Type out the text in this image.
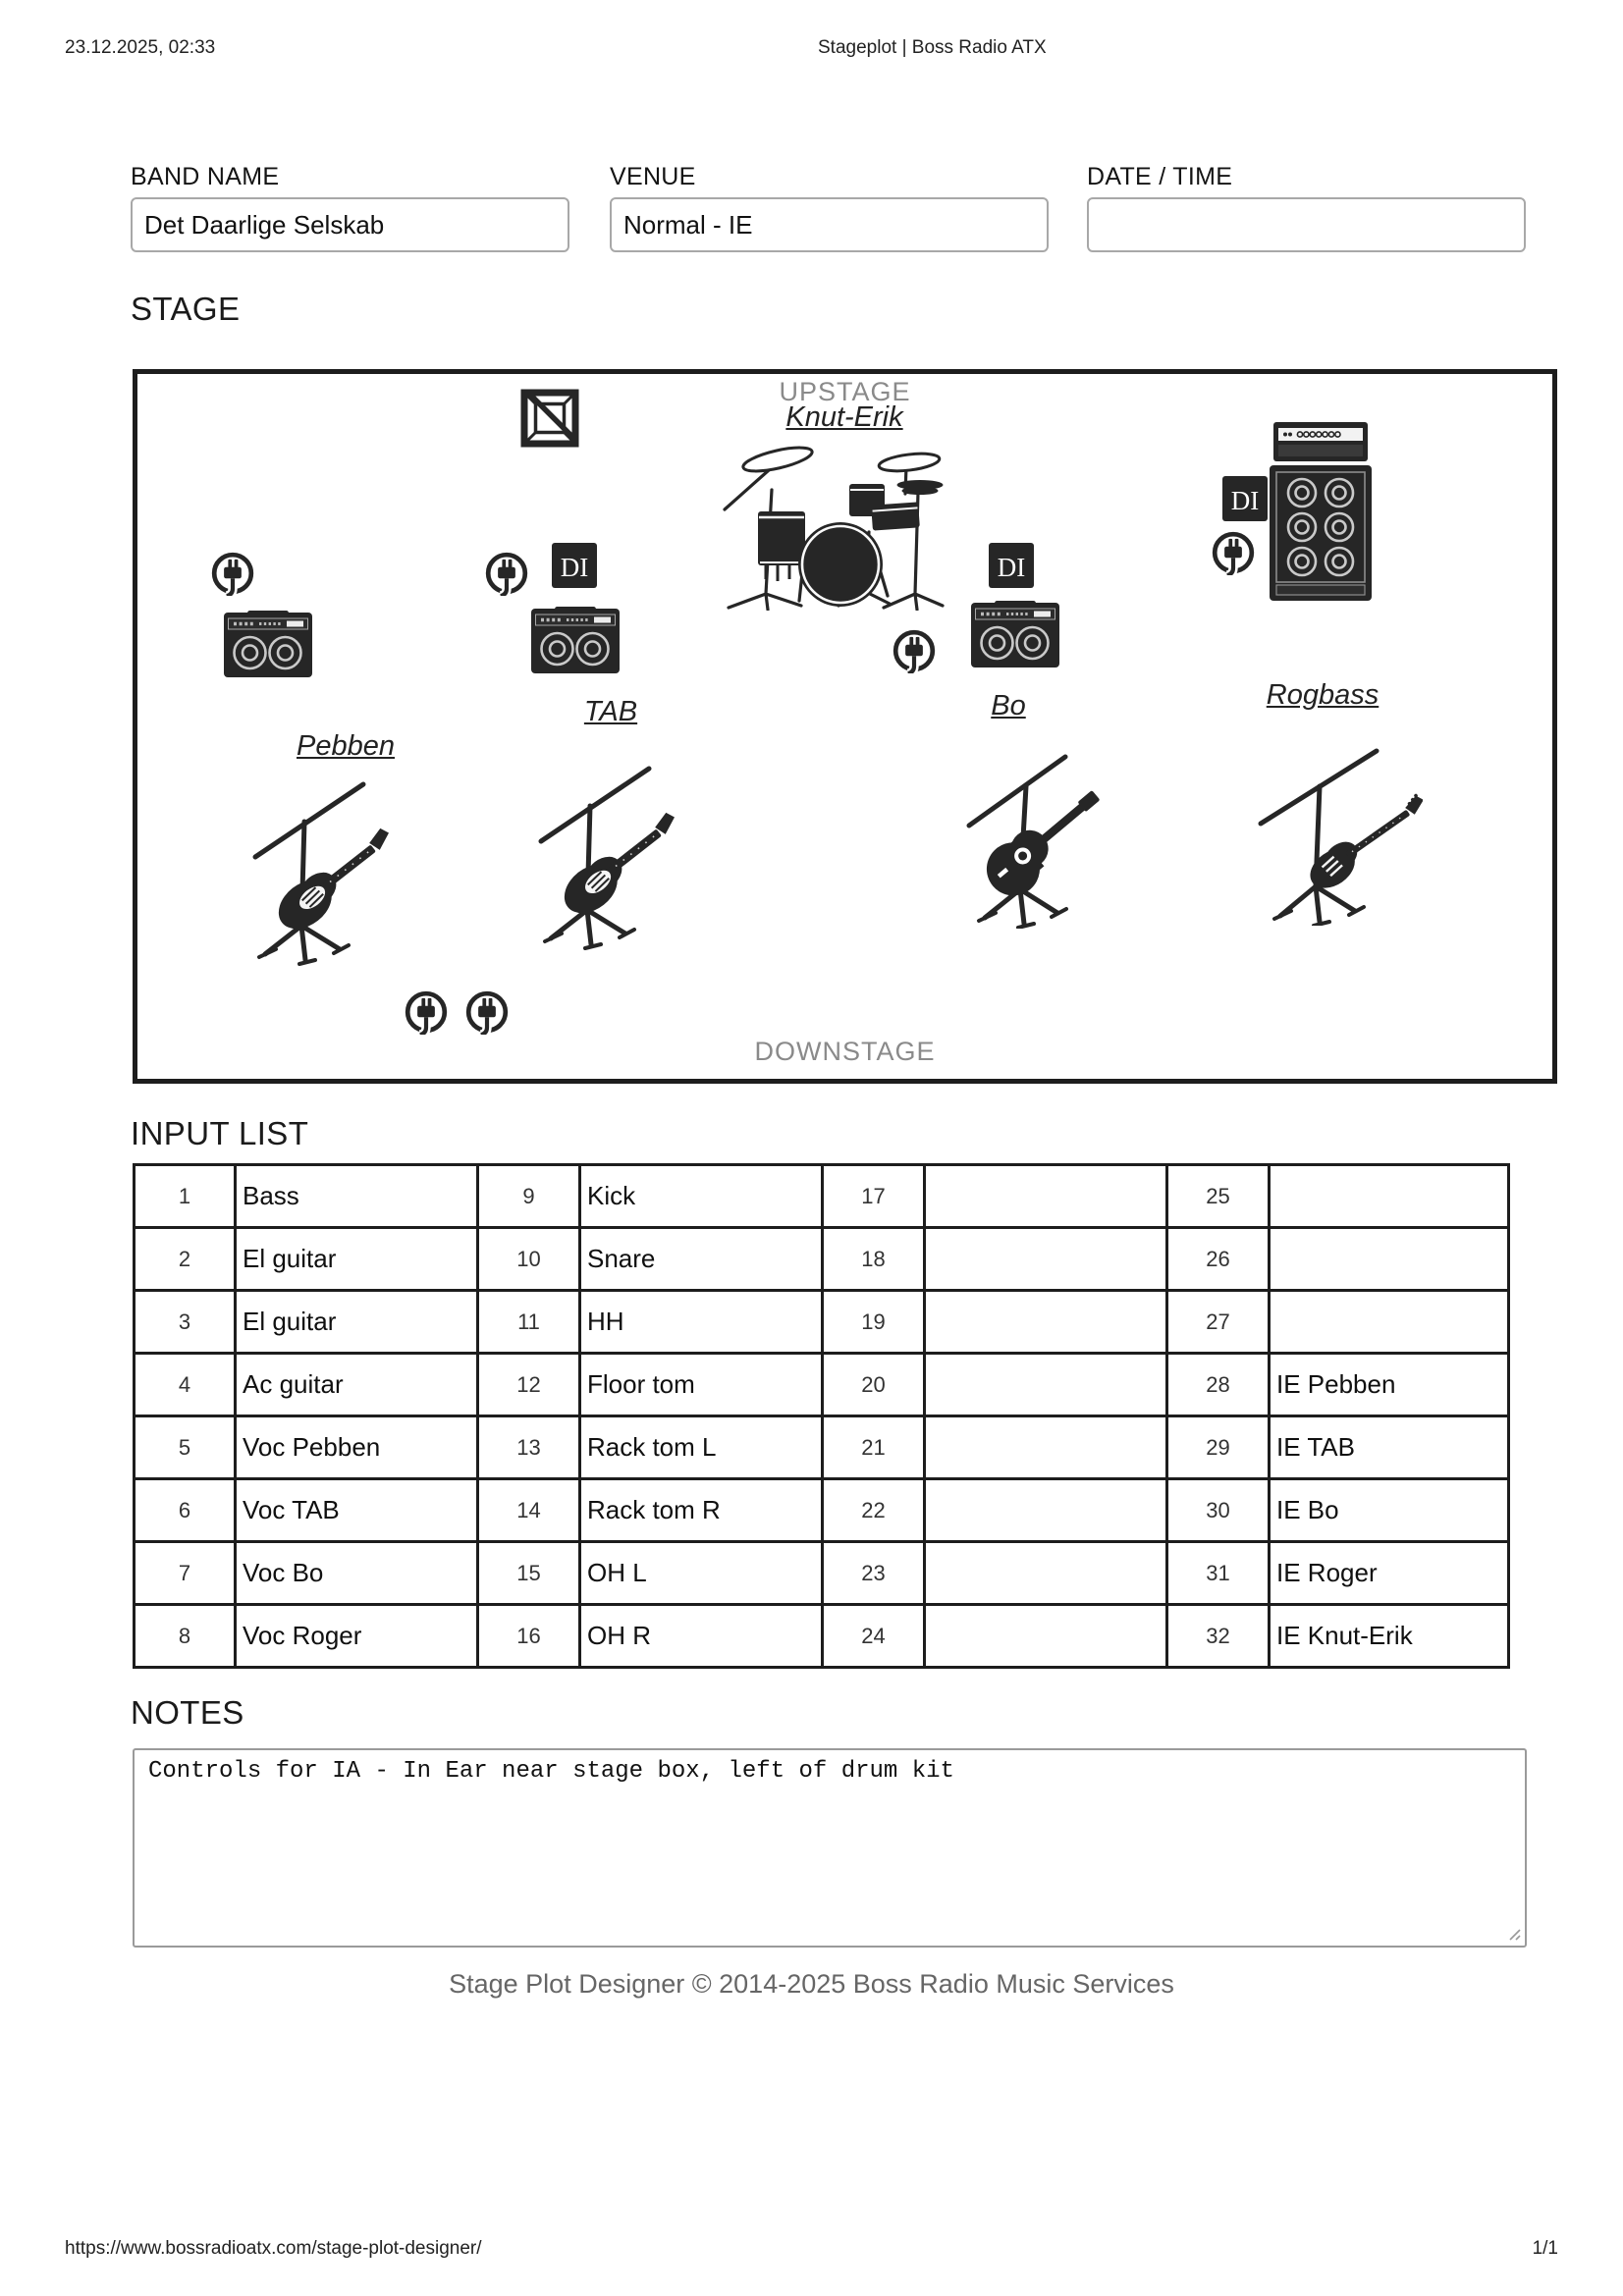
23.12.2025, 02:33	Stageplot | Boss Radio ATX
BAND NAME
Det Daarlige Selskab	VENUE
Normal - IE	DATE / TIME
STAGE
UPSTAGE
DOWNSTAGE
Knut-Erik
Pebben
TAB	Bo	Rogbass
INPUT LIST
1	Bass	9	Kick	17		25	
2	El guitar	10	Snare	18		26	
3	El guitar	11	HH	19		27	
4	Ac guitar	12	Floor tom	20		28	IE Pebben
5	Voc Pebben	13	Rack tom L	21		29	IE TAB
6	Voc TAB	14	Rack tom R	22		30	IE Bo
7	Voc Bo	15	OH L	23		31	IE Roger
8	Voc Roger	16	OH R	24		32	IE Knut-Erik
NOTES
Controls for IA - In Ear near stage box, left of drum kit
Stage Plot Designer © 2014-2025 Boss Radio Music Services
https://www.bossradioatx.com/stage-plot-designer/	1/1
